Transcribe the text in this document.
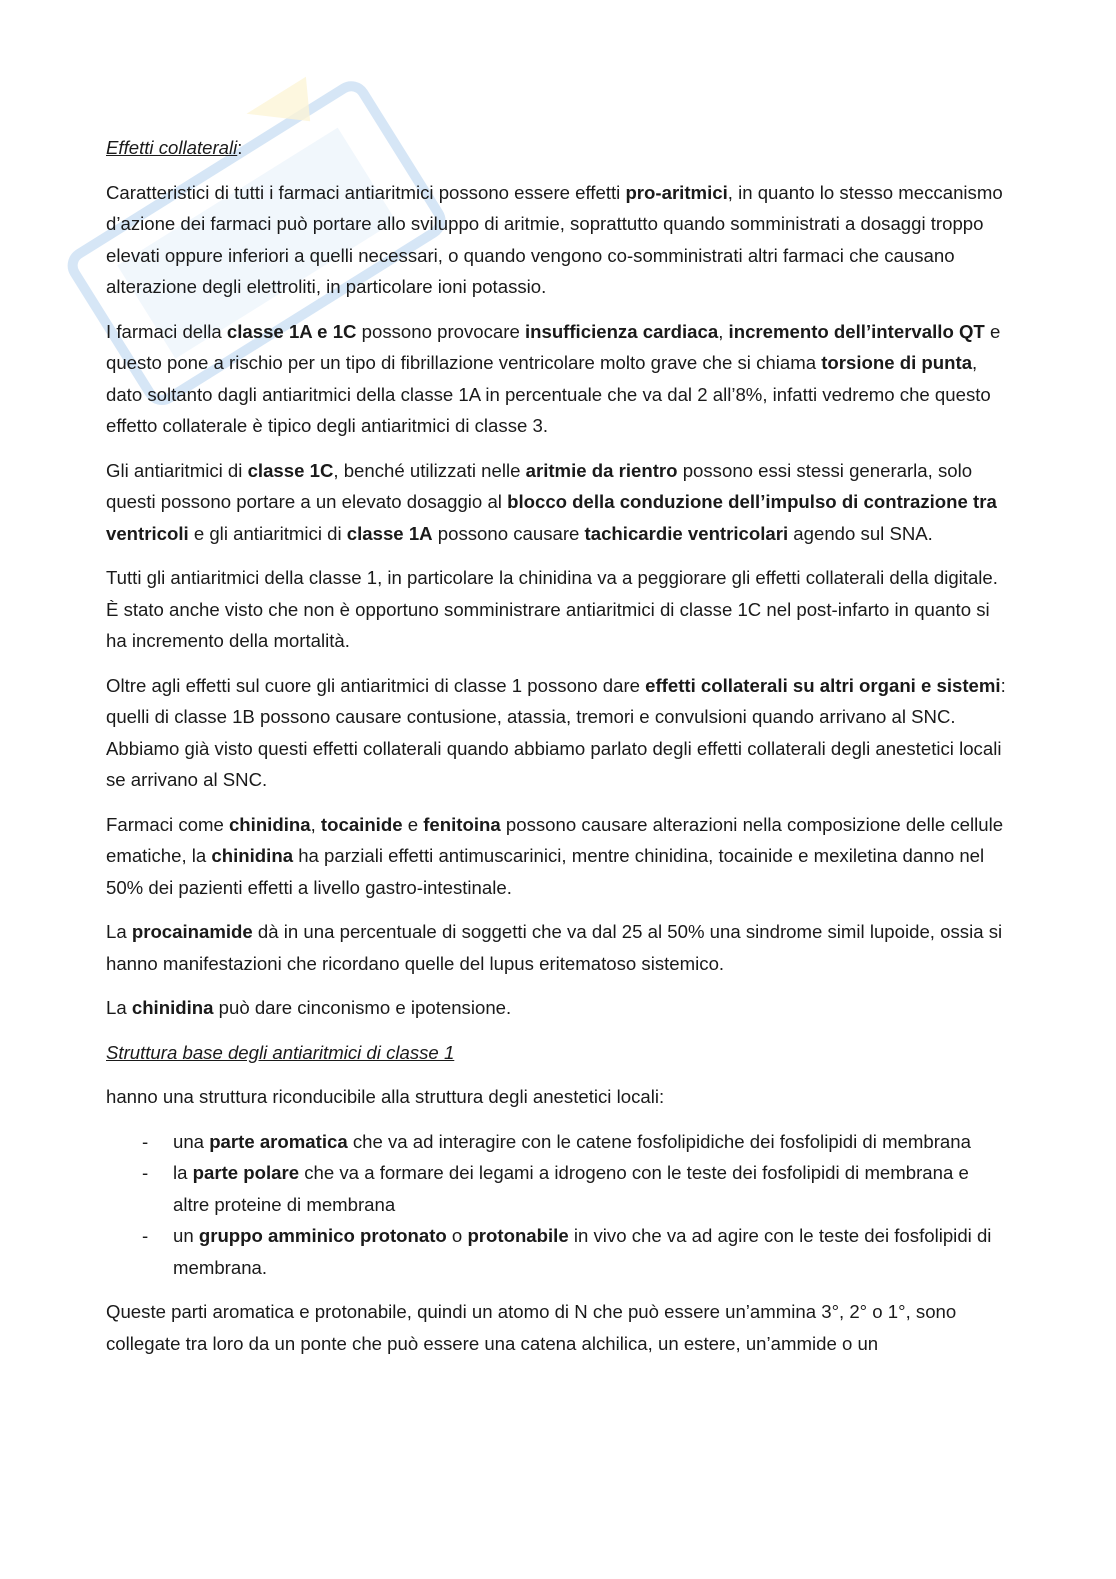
Effetti collaterali:

Caratteristici di tutti i farmaci antiaritmici possono essere effetti pro-aritmici, in quanto lo stesso meccanismo d’azione dei farmaci può portare allo sviluppo di aritmie, soprattutto quando somministrati a dosaggi troppo elevati oppure inferiori a quelli necessari, o quando vengono co-somministrati altri farmaci che causano alterazione degli elettroliti, in particolare ioni potassio.

I farmaci della classe 1A e 1C possono provocare insufficienza cardiaca, incremento dell’intervallo QT e questo pone a rischio per un tipo di fibrillazione ventricolare molto grave che si chiama torsione di punta, dato soltanto dagli antiaritmici della classe 1A in percentuale che va dal 2 all’8%, infatti vedremo che questo effetto collaterale è tipico degli antiaritmici di classe 3.

Gli antiaritmici di classe 1C, benché utilizzati nelle aritmie da rientro possono essi stessi generarla, solo questi possono portare a un elevato dosaggio al blocco della conduzione dell’impulso di contrazione tra ventricoli e gli antiaritmici di classe 1A possono causare tachicardie ventricolari agendo sul SNA.

Tutti gli antiaritmici della classe 1, in particolare la chinidina va a peggiorare gli effetti collaterali della digitale. È stato anche visto che non è opportuno somministrare antiaritmici di classe 1C nel post-infarto in quanto si ha incremento della mortalità.

Oltre agli effetti sul cuore gli antiaritmici di classe 1 possono dare effetti collaterali su altri organi e sistemi: quelli di classe 1B possono causare contusione, atassia, tremori e convulsioni quando arrivano al SNC. Abbiamo già visto questi effetti collaterali quando abbiamo parlato degli effetti collaterali degli anestetici locali se arrivano al SNC.

Farmaci come chinidina, tocainide e fenitoina possono causare alterazioni nella composizione delle cellule ematiche, la chinidina ha parziali effetti antimuscarinici, mentre chinidina, tocainide e mexiletina danno nel 50% dei pazienti effetti a livello gastro-intestinale.

La procainamide dà in una percentuale di soggetti che va dal 25 al 50% una sindrome simil lupoide, ossia si hanno manifestazioni che ricordano quelle del lupus eritematoso sistemico.

La chinidina può dare cinconismo e ipotensione.

Struttura base degli antiaritmici di classe 1

hanno una struttura riconducibile alla struttura degli anestetici locali:

- una parte aromatica che va ad interagire con le catene fosfolipidiche dei fosfolipidi di membrana
- la parte polare che va a formare dei legami a idrogeno con le teste dei fosfolipidi di membrana e altre proteine di membrana
- un gruppo amminico protonato o protonabile in vivo che va ad agire con le teste dei fosfolipidi di membrana.

Queste parti aromatica e protonabile, quindi un atomo di N che può essere un’ammina 3°, 2° o 1°, sono collegate tra loro da un ponte che può essere una catena alchilica, un estere, un’ammide o un
